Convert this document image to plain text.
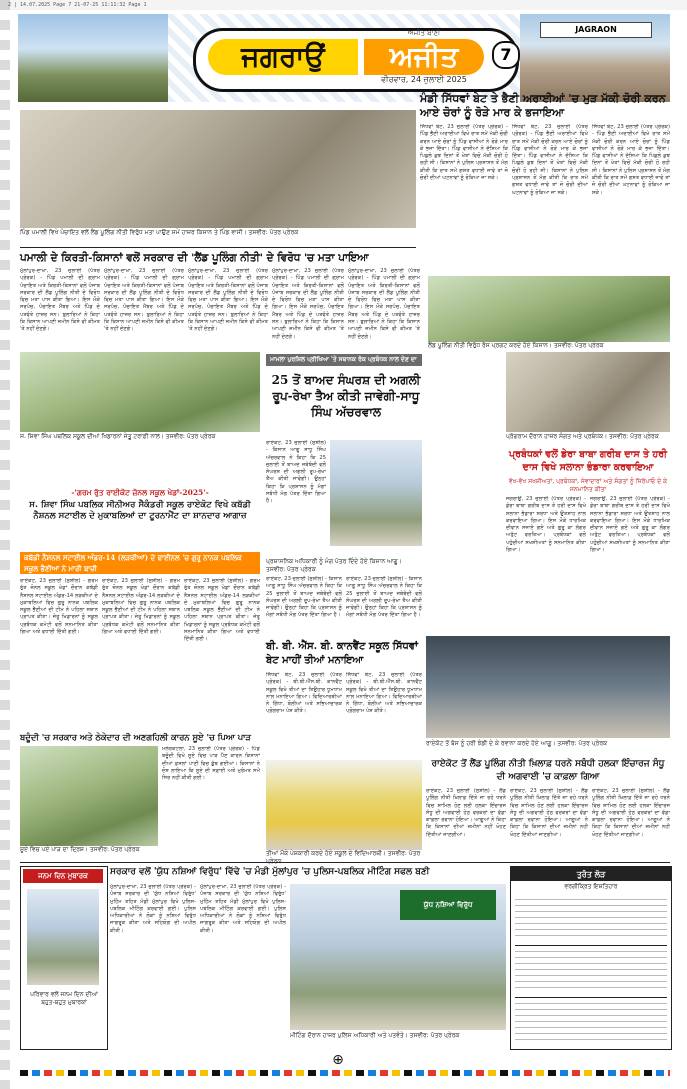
2 | 14.07.2025 Page 7 21-07-25 11:11:32 Page 1
JAGRAON
ਜਗਰਾਉਂ
ਅਜੀਤ ਬਾਣੀ
ਅਜੀਤ
ਵੀਰਵਾਰ, 24 ਜੁਲਾਈ 2025
7
ਮੰਡੀ ਸਿੱਧਵਾਂ ਬੇਟ ਤੇ ਭੈਣੀ ਅਰਾਈਆਂ 'ਚ ਮੁੜ ਮੱਕੀ ਚੋਰੀ ਕਰਨ ਆਏ ਚੋਰਾਂ ਨੂੰ ਰੋੜੇ ਮਾਰ ਕੇ ਭਜਾਇਆ
ਸਿੱਧਵਾਂ ਬੇਟ, 23 ਜੁਲਾਈ (ਪੱਤਰ ਪ੍ਰੇਰਕ) - ਪਿੰਡ ਭੈਣੀ ਅਰਾਈਆਂ ਵਿਖੇ ਰਾਤ ਸਮੇਂ ਮੱਕੀ ਚੋਰੀ ਕਰਨ ਆਏ ਚੋਰਾਂ ਨੂੰ ਪਿੰਡ ਵਾਸੀਆਂ ਨੇ ਰੋੜੇ ਮਾਰ ਕੇ ਭਜਾ ਦਿੱਤਾ। ਪਿੰਡ ਵਾਸੀਆਂ ਨੇ ਦੱਸਿਆ ਕਿ ਪਿਛਲੇ ਕੁਝ ਦਿਨਾਂ ਤੋਂ ਖੇਤਾਂ ਵਿਚੋਂ ਮੱਕੀ ਚੋਰੀ ਹੋ ਰਹੀ ਸੀ। ਕਿਸਾਨਾਂ ਨੇ ਪੁਲਿਸ ਪ੍ਰਸ਼ਾਸਨ ਤੋਂ ਮੰਗ ਕੀਤੀ ਕਿ ਰਾਤ ਸਮੇਂ ਗਸ਼ਤ ਵਧਾਈ ਜਾਵੇ ਤਾਂ ਜੋ ਚੋਰੀ ਦੀਆਂ ਘਟਨਾਵਾਂ ਨੂੰ ਰੋਕਿਆ ਜਾ ਸਕੇ।
ਸਿੱਧਵਾਂ ਬੇਟ, 23 ਜੁਲਾਈ (ਪੱਤਰ ਪ੍ਰੇਰਕ) - ਪਿੰਡ ਭੈਣੀ ਅਰਾਈਆਂ ਵਿਖੇ ਰਾਤ ਸਮੇਂ ਮੱਕੀ ਚੋਰੀ ਕਰਨ ਆਏ ਚੋਰਾਂ ਨੂੰ ਪਿੰਡ ਵਾਸੀਆਂ ਨੇ ਰੋੜੇ ਮਾਰ ਕੇ ਭਜਾ ਦਿੱਤਾ। ਪਿੰਡ ਵਾਸੀਆਂ ਨੇ ਦੱਸਿਆ ਕਿ ਪਿਛਲੇ ਕੁਝ ਦਿਨਾਂ ਤੋਂ ਖੇਤਾਂ ਵਿਚੋਂ ਮੱਕੀ ਚੋਰੀ ਹੋ ਰਹੀ ਸੀ। ਕਿਸਾਨਾਂ ਨੇ ਪੁਲਿਸ ਪ੍ਰਸ਼ਾਸਨ ਤੋਂ ਮੰਗ ਕੀਤੀ ਕਿ ਰਾਤ ਸਮੇਂ ਗਸ਼ਤ ਵਧਾਈ ਜਾਵੇ ਤਾਂ ਜੋ ਚੋਰੀ ਦੀਆਂ ਘਟਨਾਵਾਂ ਨੂੰ ਰੋਕਿਆ ਜਾ ਸਕੇ।
ਸਿੱਧਵਾਂ ਬੇਟ, 23 ਜੁਲਾਈ (ਪੱਤਰ ਪ੍ਰੇਰਕ) - ਪਿੰਡ ਭੈਣੀ ਅਰਾਈਆਂ ਵਿਖੇ ਰਾਤ ਸਮੇਂ ਮੱਕੀ ਚੋਰੀ ਕਰਨ ਆਏ ਚੋਰਾਂ ਨੂੰ ਪਿੰਡ ਵਾਸੀਆਂ ਨੇ ਰੋੜੇ ਮਾਰ ਕੇ ਭਜਾ ਦਿੱਤਾ। ਪਿੰਡ ਵਾਸੀਆਂ ਨੇ ਦੱਸਿਆ ਕਿ ਪਿਛਲੇ ਕੁਝ ਦਿਨਾਂ ਤੋਂ ਖੇਤਾਂ ਵਿਚੋਂ ਮੱਕੀ ਚੋਰੀ ਹੋ ਰਹੀ ਸੀ। ਕਿਸਾਨਾਂ ਨੇ ਪੁਲਿਸ ਪ੍ਰਸ਼ਾਸਨ ਤੋਂ ਮੰਗ ਕੀਤੀ ਕਿ ਰਾਤ ਸਮੇਂ ਗਸ਼ਤ ਵਧਾਈ ਜਾਵੇ ਤਾਂ ਜੋ ਚੋਰੀ ਦੀਆਂ ਘਟਨਾਵਾਂ ਨੂੰ ਰੋਕਿਆ ਜਾ ਸਕੇ।
ਪਿੰਡ ਪਮਾਲੀ ਵਿਖੇ ਪੰਚਾਇਤ ਵਲੋਂ ਲੈਂਡ ਪੂਲਿੰਗ ਨੀਤੀ ਵਿਰੁੱਧ ਮਤਾ ਪਾਉਣ ਸਮੇਂ ਹਾਜ਼ਰ ਕਿਸਾਨ ਤੇ ਪਿੰਡ ਵਾਸੀ। ਤਸਵੀਰ: ਪੱਤਰ ਪ੍ਰੇਰਕ
ਪਮਾਲੀ ਦੇ ਕਿਰਤੀ-ਕਿਸਾਨਾਂ ਵਲੋਂ ਸਰਕਾਰ ਦੀ 'ਲੈਂਡ ਪੂਲਿੰਗ ਨੀਤੀ' ਦੇ ਵਿਰੋਧ 'ਚ ਮਤਾ ਪਾਇਆ
ਮੁੱਲਾਂਪੁਰ-ਦਾਖਾ, 23 ਜੁਲਾਈ (ਪੱਤਰ ਪ੍ਰੇਰਕ) - ਪਿੰਡ ਪਮਾਲੀ ਦੀ ਗ੍ਰਾਮ ਪੰਚਾਇਤ ਅਤੇ ਕਿਰਤੀ-ਕਿਸਾਨਾਂ ਵਲੋਂ ਪੰਜਾਬ ਸਰਕਾਰ ਦੀ ਲੈਂਡ ਪੂਲਿੰਗ ਨੀਤੀ ਦੇ ਵਿਰੋਧ ਵਿਚ ਮਤਾ ਪਾਸ ਕੀਤਾ ਗਿਆ। ਇਸ ਮੌਕੇ ਸਰਪੰਚ, ਪੰਚਾਇਤ ਮੈਂਬਰ ਅਤੇ ਪਿੰਡ ਦੇ ਪਤਵੰਤੇ ਹਾਜ਼ਰ ਸਨ। ਬੁਲਾਰਿਆਂ ਨੇ ਕਿਹਾ ਕਿ ਕਿਸਾਨ ਆਪਣੀ ਜ਼ਮੀਨ ਕਿਸੇ ਵੀ ਕੀਮਤ 'ਤੇ ਨਹੀਂ ਦੇਣਗੇ।
ਮੁੱਲਾਂਪੁਰ-ਦਾਖਾ, 23 ਜੁਲਾਈ (ਪੱਤਰ ਪ੍ਰੇਰਕ) - ਪਿੰਡ ਪਮਾਲੀ ਦੀ ਗ੍ਰਾਮ ਪੰਚਾਇਤ ਅਤੇ ਕਿਰਤੀ-ਕਿਸਾਨਾਂ ਵਲੋਂ ਪੰਜਾਬ ਸਰਕਾਰ ਦੀ ਲੈਂਡ ਪੂਲਿੰਗ ਨੀਤੀ ਦੇ ਵਿਰੋਧ ਵਿਚ ਮਤਾ ਪਾਸ ਕੀਤਾ ਗਿਆ। ਇਸ ਮੌਕੇ ਸਰਪੰਚ, ਪੰਚਾਇਤ ਮੈਂਬਰ ਅਤੇ ਪਿੰਡ ਦੇ ਪਤਵੰਤੇ ਹਾਜ਼ਰ ਸਨ। ਬੁਲਾਰਿਆਂ ਨੇ ਕਿਹਾ ਕਿ ਕਿਸਾਨ ਆਪਣੀ ਜ਼ਮੀਨ ਕਿਸੇ ਵੀ ਕੀਮਤ 'ਤੇ ਨਹੀਂ ਦੇਣਗੇ।
ਮੁੱਲਾਂਪੁਰ-ਦਾਖਾ, 23 ਜੁਲਾਈ (ਪੱਤਰ ਪ੍ਰੇਰਕ) - ਪਿੰਡ ਪਮਾਲੀ ਦੀ ਗ੍ਰਾਮ ਪੰਚਾਇਤ ਅਤੇ ਕਿਰਤੀ-ਕਿਸਾਨਾਂ ਵਲੋਂ ਪੰਜਾਬ ਸਰਕਾਰ ਦੀ ਲੈਂਡ ਪੂਲਿੰਗ ਨੀਤੀ ਦੇ ਵਿਰੋਧ ਵਿਚ ਮਤਾ ਪਾਸ ਕੀਤਾ ਗਿਆ। ਇਸ ਮੌਕੇ ਸਰਪੰਚ, ਪੰਚਾਇਤ ਮੈਂਬਰ ਅਤੇ ਪਿੰਡ ਦੇ ਪਤਵੰਤੇ ਹਾਜ਼ਰ ਸਨ। ਬੁਲਾਰਿਆਂ ਨੇ ਕਿਹਾ ਕਿ ਕਿਸਾਨ ਆਪਣੀ ਜ਼ਮੀਨ ਕਿਸੇ ਵੀ ਕੀਮਤ 'ਤੇ ਨਹੀਂ ਦੇਣਗੇ।
ਮੁੱਲਾਂਪੁਰ-ਦਾਖਾ, 23 ਜੁਲਾਈ (ਪੱਤਰ ਪ੍ਰੇਰਕ) - ਪਿੰਡ ਪਮਾਲੀ ਦੀ ਗ੍ਰਾਮ ਪੰਚਾਇਤ ਅਤੇ ਕਿਰਤੀ-ਕਿਸਾਨਾਂ ਵਲੋਂ ਪੰਜਾਬ ਸਰਕਾਰ ਦੀ ਲੈਂਡ ਪੂਲਿੰਗ ਨੀਤੀ ਦੇ ਵਿਰੋਧ ਵਿਚ ਮਤਾ ਪਾਸ ਕੀਤਾ ਗਿਆ। ਇਸ ਮੌਕੇ ਸਰਪੰਚ, ਪੰਚਾਇਤ ਮੈਂਬਰ ਅਤੇ ਪਿੰਡ ਦੇ ਪਤਵੰਤੇ ਹਾਜ਼ਰ ਸਨ। ਬੁਲਾਰਿਆਂ ਨੇ ਕਿਹਾ ਕਿ ਕਿਸਾਨ ਆਪਣੀ ਜ਼ਮੀਨ ਕਿਸੇ ਵੀ ਕੀਮਤ 'ਤੇ ਨਹੀਂ ਦੇਣਗੇ।
ਮੁੱਲਾਂਪੁਰ-ਦਾਖਾ, 23 ਜੁਲਾਈ (ਪੱਤਰ ਪ੍ਰੇਰਕ) - ਪਿੰਡ ਪਮਾਲੀ ਦੀ ਗ੍ਰਾਮ ਪੰਚਾਇਤ ਅਤੇ ਕਿਰਤੀ-ਕਿਸਾਨਾਂ ਵਲੋਂ ਪੰਜਾਬ ਸਰਕਾਰ ਦੀ ਲੈਂਡ ਪੂਲਿੰਗ ਨੀਤੀ ਦੇ ਵਿਰੋਧ ਵਿਚ ਮਤਾ ਪਾਸ ਕੀਤਾ ਗਿਆ। ਇਸ ਮੌਕੇ ਸਰਪੰਚ, ਪੰਚਾਇਤ ਮੈਂਬਰ ਅਤੇ ਪਿੰਡ ਦੇ ਪਤਵੰਤੇ ਹਾਜ਼ਰ ਸਨ। ਬੁਲਾਰਿਆਂ ਨੇ ਕਿਹਾ ਕਿ ਕਿਸਾਨ ਆਪਣੀ ਜ਼ਮੀਨ ਕਿਸੇ ਵੀ ਕੀਮਤ 'ਤੇ ਨਹੀਂ ਦੇਣਗੇ।
ਲੈਂਡ ਪੂਲਿੰਗ ਨੀਤੀ ਵਿਰੁੱਧ ਰੋਸ ਪ੍ਰਗਟ ਕਰਦੇ ਹੋਏ ਕਿਸਾਨ। ਤਸਵੀਰ: ਪੱਤਰ ਪ੍ਰੇਰਕ
ਸ. ਸ਼ਿਵਾ ਸਿੰਘ ਪਬਲਿਕ ਸਕੂਲ ਦੀਆਂ ਖਿਡਾਰਨਾਂ ਜੇਤੂ ਟਰਾਫ਼ੀ ਨਾਲ। ਤਸਵੀਰ: ਪੱਤਰ ਪ੍ਰੇਰਕ
-'ਗਰਮ ਰੁੱਤ ਰਾਈਕੋਟ ਜ਼ੋਨਲ ਸਕੂਲ ਖੇਡਾਂ-2025'-
ਸ. ਸ਼ਿਵਾ ਸਿੰਘ ਪਬਲਿਕ ਸੀਨੀਅਰ ਸੈਕੰਡਰੀ ਸਕੂਲ ਰਾਏਕੋਟ ਵਿਖੇ ਕਬੱਡੀ ਨੈਸ਼ਨਲ ਸਟਾਈਲ ਦੇ ਮੁਕਾਬਲਿਆਂ ਦਾ ਟੂਰਨਾਮੈਂਟ ਦਾ ਸ਼ਾਨਦਾਰ ਆਗਾਜ਼
ਕਬੱਡੀ ਨੈਸ਼ਨਲ ਸਟਾਈਲ ਅੰਡਰ-14 (ਲੜਕੀਆਂ) ਦੇ ਫਾਈਨਲ 'ਚ ਗੁਰੂ ਨਾਨਕ ਪਬਲਿਕ ਸਕੂਲ ਭੈਣੀਆਂ ਨੇ ਮਾਰੀ ਬਾਜ਼ੀ
ਰਾਏਕੋਟ, 23 ਜੁਲਾਈ (ਸੁਸ਼ੀਲ) - ਗਰਮ ਰੁੱਤ ਜ਼ੋਨਲ ਸਕੂਲ ਖੇਡਾਂ ਦੌਰਾਨ ਕਬੱਡੀ ਨੈਸ਼ਨਲ ਸਟਾਈਲ ਅੰਡਰ-14 ਲੜਕੀਆਂ ਦੇ ਮੁਕਾਬਲਿਆਂ ਵਿਚ ਗੁਰੂ ਨਾਨਕ ਪਬਲਿਕ ਸਕੂਲ ਭੈਣੀਆਂ ਦੀ ਟੀਮ ਨੇ ਪਹਿਲਾ ਸਥਾਨ ਪ੍ਰਾਪਤ ਕੀਤਾ। ਜੇਤੂ ਖਿਡਾਰਨਾਂ ਨੂੰ ਸਕੂਲ ਪ੍ਰਬੰਧਕ ਕਮੇਟੀ ਵਲੋਂ ਸਨਮਾਨਿਤ ਕੀਤਾ ਗਿਆ ਅਤੇ ਵਧਾਈ ਦਿੱਤੀ ਗਈ।
ਰਾਏਕੋਟ, 23 ਜੁਲਾਈ (ਸੁਸ਼ੀਲ) - ਗਰਮ ਰੁੱਤ ਜ਼ੋਨਲ ਸਕੂਲ ਖੇਡਾਂ ਦੌਰਾਨ ਕਬੱਡੀ ਨੈਸ਼ਨਲ ਸਟਾਈਲ ਅੰਡਰ-14 ਲੜਕੀਆਂ ਦੇ ਮੁਕਾਬਲਿਆਂ ਵਿਚ ਗੁਰੂ ਨਾਨਕ ਪਬਲਿਕ ਸਕੂਲ ਭੈਣੀਆਂ ਦੀ ਟੀਮ ਨੇ ਪਹਿਲਾ ਸਥਾਨ ਪ੍ਰਾਪਤ ਕੀਤਾ। ਜੇਤੂ ਖਿਡਾਰਨਾਂ ਨੂੰ ਸਕੂਲ ਪ੍ਰਬੰਧਕ ਕਮੇਟੀ ਵਲੋਂ ਸਨਮਾਨਿਤ ਕੀਤਾ ਗਿਆ ਅਤੇ ਵਧਾਈ ਦਿੱਤੀ ਗਈ।
ਰਾਏਕੋਟ, 23 ਜੁਲਾਈ (ਸੁਸ਼ੀਲ) - ਗਰਮ ਰੁੱਤ ਜ਼ੋਨਲ ਸਕੂਲ ਖੇਡਾਂ ਦੌਰਾਨ ਕਬੱਡੀ ਨੈਸ਼ਨਲ ਸਟਾਈਲ ਅੰਡਰ-14 ਲੜਕੀਆਂ ਦੇ ਮੁਕਾਬਲਿਆਂ ਵਿਚ ਗੁਰੂ ਨਾਨਕ ਪਬਲਿਕ ਸਕੂਲ ਭੈਣੀਆਂ ਦੀ ਟੀਮ ਨੇ ਪਹਿਲਾ ਸਥਾਨ ਪ੍ਰਾਪਤ ਕੀਤਾ। ਜੇਤੂ ਖਿਡਾਰਨਾਂ ਨੂੰ ਸਕੂਲ ਪ੍ਰਬੰਧਕ ਕਮੇਟੀ ਵਲੋਂ ਸਨਮਾਨਿਤ ਕੀਤਾ ਗਿਆ ਅਤੇ ਵਧਾਈ ਦਿੱਤੀ ਗਈ।
ਮਾਮਲਾ ਪੁਰਸ਼ਿਲ ਪ੍ਰੀਖਿਆ 'ਤੇ ਸਥਾਨਕ ਰੋਕ ਪ੍ਰਬੰਧਕ ਨਾਲ ਦੇਣ ਦਾ
25 ਤੋਂ ਬਾਅਦ ਸੰਘਰਸ਼ ਦੀ ਅਗਲੀ ਰੂਪ-ਰੇਖਾ ਤੈਅ ਕੀਤੀ ਜਾਵੇਗੀ-ਸਾਧੂ ਸਿੰਘ ਅੱਚਰਵਾਲ
ਰਾਏਕੋਟ, 23 ਜੁਲਾਈ (ਸੁਸ਼ੀਲ) - ਕਿਸਾਨ ਆਗੂ ਸਾਧੂ ਸਿੰਘ ਅੱਚਰਵਾਲ ਨੇ ਕਿਹਾ ਕਿ 25 ਜੁਲਾਈ ਤੋਂ ਬਾਅਦ ਜਥੇਬੰਦੀ ਵਲੋਂ ਸੰਘਰਸ਼ ਦੀ ਅਗਲੀ ਰੂਪ-ਰੇਖਾ ਤੈਅ ਕੀਤੀ ਜਾਵੇਗੀ। ਉਨ੍ਹਾਂ ਕਿਹਾ ਕਿ ਪ੍ਰਸ਼ਾਸਨ ਨੂੰ ਮੰਗਾਂ ਸਬੰਧੀ ਮੰਗ ਪੱਤਰ ਦਿੱਤਾ ਗਿਆ ਹੈ।
ਪ੍ਰਸ਼ਾਸਨਿਕ ਅਧਿਕਾਰੀ ਨੂੰ ਮੰਗ ਪੱਤਰ ਦਿੰਦੇ ਹੋਏ ਕਿਸਾਨ ਆਗੂ। ਤਸਵੀਰ: ਪੱਤਰ ਪ੍ਰੇਰਕ
ਰਾਏਕੋਟ, 23 ਜੁਲਾਈ (ਸੁਸ਼ੀਲ) - ਕਿਸਾਨ ਆਗੂ ਸਾਧੂ ਸਿੰਘ ਅੱਚਰਵਾਲ ਨੇ ਕਿਹਾ ਕਿ 25 ਜੁਲਾਈ ਤੋਂ ਬਾਅਦ ਜਥੇਬੰਦੀ ਵਲੋਂ ਸੰਘਰਸ਼ ਦੀ ਅਗਲੀ ਰੂਪ-ਰੇਖਾ ਤੈਅ ਕੀਤੀ ਜਾਵੇਗੀ। ਉਨ੍ਹਾਂ ਕਿਹਾ ਕਿ ਪ੍ਰਸ਼ਾਸਨ ਨੂੰ ਮੰਗਾਂ ਸਬੰਧੀ ਮੰਗ ਪੱਤਰ ਦਿੱਤਾ ਗਿਆ ਹੈ।
ਰਾਏਕੋਟ, 23 ਜੁਲਾਈ (ਸੁਸ਼ੀਲ) - ਕਿਸਾਨ ਆਗੂ ਸਾਧੂ ਸਿੰਘ ਅੱਚਰਵਾਲ ਨੇ ਕਿਹਾ ਕਿ 25 ਜੁਲਾਈ ਤੋਂ ਬਾਅਦ ਜਥੇਬੰਦੀ ਵਲੋਂ ਸੰਘਰਸ਼ ਦੀ ਅਗਲੀ ਰੂਪ-ਰੇਖਾ ਤੈਅ ਕੀਤੀ ਜਾਵੇਗੀ। ਉਨ੍ਹਾਂ ਕਿਹਾ ਕਿ ਪ੍ਰਸ਼ਾਸਨ ਨੂੰ ਮੰਗਾਂ ਸਬੰਧੀ ਮੰਗ ਪੱਤਰ ਦਿੱਤਾ ਗਿਆ ਹੈ।
ਪ੍ਰੋਗਰਾਮ ਦੌਰਾਨ ਹਾਜ਼ਰ ਸੰਗਤ ਅਤੇ ਪ੍ਰਬੰਧਕ। ਤਸਵੀਰ: ਪੱਤਰ ਪ੍ਰੇਰਕ
ਪ੍ਰਬੰਧਕਾਂ ਵਲੋਂ ਡੇਰਾ ਬਾਬਾ ਗਰੀਬ ਦਾਸ ਤੇ ਹਰੀ ਦਾਸ ਵਿਖੇ ਸਲਾਨਾ ਭੰਡਾਰਾ ਕਰਵਾਇਆ
ਵੱਖ-ਵੱਖ ਸਖਸ਼ੀਅਤਾਂ, ਪ੍ਰਬੰਧਕਾਂ, ਸੇਵਾਦਾਰਾਂ ਅਤੇ ਸੰਗਤਾਂ ਨੂੰ ਸਿਰੋਪਾਓ ਦੇ ਕੇ ਸਨਮਾਨਿਤ ਕੀਤਾ
ਜਗਰਾਉਂ, 23 ਜੁਲਾਈ (ਪੱਤਰ ਪ੍ਰੇਰਕ) - ਡੇਰਾ ਬਾਬਾ ਗਰੀਬ ਦਾਸ ਤੇ ਹਰੀ ਦਾਸ ਵਿਖੇ ਸਲਾਨਾ ਭੰਡਾਰਾ ਸ਼ਰਧਾ ਅਤੇ ਉਤਸ਼ਾਹ ਨਾਲ ਕਰਵਾਇਆ ਗਿਆ। ਇਸ ਮੌਕੇ ਧਾਰਮਿਕ ਦੀਵਾਨ ਸਜਾਏ ਗਏ ਅਤੇ ਗੁਰੂ ਕਾ ਲੰਗਰ ਅਤੁੱਟ ਵਰਤਿਆ। ਪ੍ਰਬੰਧਕਾਂ ਵਲੋਂ ਪਹੁੰਚੀਆਂ ਸਖਸ਼ੀਅਤਾਂ ਨੂੰ ਸਨਮਾਨਿਤ ਕੀਤਾ ਗਿਆ।
ਜਗਰਾਉਂ, 23 ਜੁਲਾਈ (ਪੱਤਰ ਪ੍ਰੇਰਕ) - ਡੇਰਾ ਬਾਬਾ ਗਰੀਬ ਦਾਸ ਤੇ ਹਰੀ ਦਾਸ ਵਿਖੇ ਸਲਾਨਾ ਭੰਡਾਰਾ ਸ਼ਰਧਾ ਅਤੇ ਉਤਸ਼ਾਹ ਨਾਲ ਕਰਵਾਇਆ ਗਿਆ। ਇਸ ਮੌਕੇ ਧਾਰਮਿਕ ਦੀਵਾਨ ਸਜਾਏ ਗਏ ਅਤੇ ਗੁਰੂ ਕਾ ਲੰਗਰ ਅਤੁੱਟ ਵਰਤਿਆ। ਪ੍ਰਬੰਧਕਾਂ ਵਲੋਂ ਪਹੁੰਚੀਆਂ ਸਖਸ਼ੀਅਤਾਂ ਨੂੰ ਸਨਮਾਨਿਤ ਕੀਤਾ ਗਿਆ।
ਬੀ. ਬੀ. ਐੱਸ. ਬੀ. ਕਾਨਵੈਂਟ ਸਕੂਲ ਸਿੱਧਵਾਂ ਬੇਟ ਮਾਹੀਂ ਤੀਆਂ ਮਨਾਇਆ
ਸਿੱਧਵਾਂ ਬੇਟ, 23 ਜੁਲਾਈ (ਪੱਤਰ ਪ੍ਰੇਰਕ) - ਬੀ.ਬੀ.ਐੱਸ.ਬੀ. ਕਾਨਵੈਂਟ ਸਕੂਲ ਵਿਖੇ ਤੀਆਂ ਦਾ ਤਿਉਹਾਰ ਧੂਮਧਾਮ ਨਾਲ ਮਨਾਇਆ ਗਿਆ। ਵਿਦਿਆਰਥੀਆਂ ਨੇ ਗਿੱਧਾ, ਬੋਲੀਆਂ ਅਤੇ ਸਭਿਆਚਾਰਕ ਪ੍ਰੋਗਰਾਮ ਪੇਸ਼ ਕੀਤੇ।
ਸਿੱਧਵਾਂ ਬੇਟ, 23 ਜੁਲਾਈ (ਪੱਤਰ ਪ੍ਰੇਰਕ) - ਬੀ.ਬੀ.ਐੱਸ.ਬੀ. ਕਾਨਵੈਂਟ ਸਕੂਲ ਵਿਖੇ ਤੀਆਂ ਦਾ ਤਿਉਹਾਰ ਧੂਮਧਾਮ ਨਾਲ ਮਨਾਇਆ ਗਿਆ। ਵਿਦਿਆਰਥੀਆਂ ਨੇ ਗਿੱਧਾ, ਬੋਲੀਆਂ ਅਤੇ ਸਭਿਆਚਾਰਕ ਪ੍ਰੋਗਰਾਮ ਪੇਸ਼ ਕੀਤੇ।
ਤੀਆਂ ਮੌਕੇ ਪੇਸ਼ਕਾਰੀ ਕਰਦੇ ਹੋਏ ਸਕੂਲ ਦੇ ਵਿਦਿਆਰਥੀ। ਤਸਵੀਰ: ਪੱਤਰ
ਰਾਏਕੋਟ ਤੋਂ ਬੱਸ ਨੂੰ ਹਰੀ ਝੰਡੀ ਦੇ ਕੇ ਰਵਾਨਾ ਕਰਦੇ ਹੋਏ ਆਗੂ। ਤਸਵੀਰ: ਪੱਤਰ ਪ੍ਰੇਰਕ
ਰਾਏਕੋਟ ਤੋਂ ਲੈਂਡ ਪੂਲਿੰਗ ਨੀਤੀ ਖ਼ਿਲਾਫ਼ ਧਰਨੇ ਸਬੰਧੀ ਹਲਕਾ ਇੰਚਾਰਜ ਸੰਧੂ ਦੀ ਅਗਵਾਈ 'ਚ ਕਾਫ਼ਲਾ ਗਿਆ
ਰਾਏਕੋਟ, 23 ਜੁਲਾਈ (ਸੁਸ਼ੀਲ) - ਲੈਂਡ ਪੂਲਿੰਗ ਨੀਤੀ ਖ਼ਿਲਾਫ਼ ਦਿੱਤੇ ਜਾ ਰਹੇ ਧਰਨੇ ਵਿਚ ਸ਼ਾਮਿਲ ਹੋਣ ਲਈ ਹਲਕਾ ਇੰਚਾਰਜ ਸੰਧੂ ਦੀ ਅਗਵਾਈ ਹੇਠ ਵਰਕਰਾਂ ਦਾ ਵੱਡਾ ਕਾਫ਼ਲਾ ਰਵਾਨਾ ਹੋਇਆ। ਆਗੂਆਂ ਨੇ ਕਿਹਾ ਕਿ ਕਿਸਾਨਾਂ ਦੀਆਂ ਜ਼ਮੀਨਾਂ ਨਹੀਂ ਖੋਹਣ ਦਿੱਤੀਆਂ ਜਾਣਗੀਆਂ।
ਰਾਏਕੋਟ, 23 ਜੁਲਾਈ (ਸੁਸ਼ੀਲ) - ਲੈਂਡ ਪੂਲਿੰਗ ਨੀਤੀ ਖ਼ਿਲਾਫ਼ ਦਿੱਤੇ ਜਾ ਰਹੇ ਧਰਨੇ ਵਿਚ ਸ਼ਾਮਿਲ ਹੋਣ ਲਈ ਹਲਕਾ ਇੰਚਾਰਜ ਸੰਧੂ ਦੀ ਅਗਵਾਈ ਹੇਠ ਵਰਕਰਾਂ ਦਾ ਵੱਡਾ ਕਾਫ਼ਲਾ ਰਵਾਨਾ ਹੋਇਆ। ਆਗੂਆਂ ਨੇ ਕਿਹਾ ਕਿ ਕਿਸਾਨਾਂ ਦੀਆਂ ਜ਼ਮੀਨਾਂ ਨਹੀਂ ਖੋਹਣ ਦਿੱਤੀਆਂ ਜਾਣਗੀਆਂ।
ਰਾਏਕੋਟ, 23 ਜੁਲਾਈ (ਸੁਸ਼ੀਲ) - ਲੈਂਡ ਪੂਲਿੰਗ ਨੀਤੀ ਖ਼ਿਲਾਫ਼ ਦਿੱਤੇ ਜਾ ਰਹੇ ਧਰਨੇ ਵਿਚ ਸ਼ਾਮਿਲ ਹੋਣ ਲਈ ਹਲਕਾ ਇੰਚਾਰਜ ਸੰਧੂ ਦੀ ਅਗਵਾਈ ਹੇਠ ਵਰਕਰਾਂ ਦਾ ਵੱਡਾ ਕਾਫ਼ਲਾ ਰਵਾਨਾ ਹੋਇਆ। ਆਗੂਆਂ ਨੇ ਕਿਹਾ ਕਿ ਕਿਸਾਨਾਂ ਦੀਆਂ ਜ਼ਮੀਨਾਂ ਨਹੀਂ ਖੋਹਣ ਦਿੱਤੀਆਂ ਜਾਣਗੀਆਂ।
ਬਦੂੰਦੀ 'ਚ ਸਰਕਾਰ ਅਤੇ ਠੇਕੇਦਾਰ ਦੀ ਅਣਗਹਿਲੀ ਕਾਰਨ ਸੂਏ 'ਚ ਪਿਆ ਪਾੜ
ਮਲੇਰਕੋਟਲਾ, 23 ਜੁਲਾਈ (ਪੱਤਰ ਪ੍ਰੇਰਕ) - ਪਿੰਡ ਬਦੂੰਦੀ ਵਿਖੇ ਸੂਏ ਵਿਚ ਪਾੜ ਪੈਣ ਕਾਰਨ ਕਿਸਾਨਾਂ ਦੀਆਂ ਫ਼ਸਲਾਂ ਪਾਣੀ ਵਿਚ ਡੁੱਬ ਗਈਆਂ। ਕਿਸਾਨਾਂ ਨੇ ਦੋਸ਼ ਲਾਇਆ ਕਿ ਸੂਏ ਦੀ ਸਫ਼ਾਈ ਅਤੇ ਮੁਰੰਮਤ ਸਮੇਂ ਸਿਰ ਨਹੀਂ ਕੀਤੀ ਗਈ।
ਸੂਏ ਵਿਚ ਪਏ ਪਾੜ ਦਾ ਦ੍ਰਿਸ਼। ਤਸਵੀਰ: ਪੱਤਰ ਪ੍ਰੇਰਕ
ਜਨਮ ਦਿਨ ਮੁਬਾਰਕ
ਪਰਿਵਾਰ ਵਲੋਂ ਜਨਮ ਦਿਨ ਦੀਆਂ ਬਹੁਤ-ਬਹੁਤ ਮੁਬਾਰਕਾਂ
ਸਰਕਾਰ ਵਲੋਂ 'ਯੁੱਧ ਨਸ਼ਿਆਂ ਵਿਰੁੱਧ' ਵਿੱਢੇ 'ਚ ਮੰਡੀ ਮੁੱਲਾਂਪੁਰ 'ਚ ਪੁਲਿਸ-ਪਬਲਿਕ ਮੀਟਿੰਗ ਸਫਲ ਬਣੀ
ਮੁੱਲਾਂਪੁਰ-ਦਾਖਾ, 23 ਜੁਲਾਈ (ਪੱਤਰ ਪ੍ਰੇਰਕ) - ਪੰਜਾਬ ਸਰਕਾਰ ਦੀ 'ਯੁੱਧ ਨਸ਼ਿਆਂ ਵਿਰੁੱਧ' ਮੁਹਿੰਮ ਤਹਿਤ ਮੰਡੀ ਮੁੱਲਾਂਪੁਰ ਵਿਖੇ ਪੁਲਿਸ-ਪਬਲਿਕ ਮੀਟਿੰਗ ਕਰਵਾਈ ਗਈ। ਪੁਲਿਸ ਅਧਿਕਾਰੀਆਂ ਨੇ ਲੋਕਾਂ ਨੂੰ ਨਸ਼ਿਆਂ ਵਿਰੁੱਧ ਜਾਗਰੂਕ ਕੀਤਾ ਅਤੇ ਸਹਿਯੋਗ ਦੀ ਅਪੀਲ ਕੀਤੀ।
ਮੁੱਲਾਂਪੁਰ-ਦਾਖਾ, 23 ਜੁਲਾਈ (ਪੱਤਰ ਪ੍ਰੇਰਕ) - ਪੰਜਾਬ ਸਰਕਾਰ ਦੀ 'ਯੁੱਧ ਨਸ਼ਿਆਂ ਵਿਰੁੱਧ' ਮੁਹਿੰਮ ਤਹਿਤ ਮੰਡੀ ਮੁੱਲਾਂਪੁਰ ਵਿਖੇ ਪੁਲਿਸ-ਪਬਲਿਕ ਮੀਟਿੰਗ ਕਰਵਾਈ ਗਈ। ਪੁਲਿਸ ਅਧਿਕਾਰੀਆਂ ਨੇ ਲੋਕਾਂ ਨੂੰ ਨਸ਼ਿਆਂ ਵਿਰੁੱਧ ਜਾਗਰੂਕ ਕੀਤਾ ਅਤੇ ਸਹਿਯੋਗ ਦੀ ਅਪੀਲ ਕੀਤੀ।
ਯੁੱਧ ਨਸ਼ਿਆਂ ਵਿਰੁੱਧ
ਮੀਟਿੰਗ ਦੌਰਾਨ ਹਾਜ਼ਰ ਪੁਲਿਸ ਅਧਿਕਾਰੀ ਅਤੇ ਪਤਵੰਤੇ। ਤਸਵੀਰ: ਪੱਤਰ ਪ੍ਰੇਰਕ
ਤੁਰੰਤ ਲੋੜ
ਵਰਗੀਕ੍ਰਿਤ ਇਸ਼ਤਿਹਾਰ
⊕
